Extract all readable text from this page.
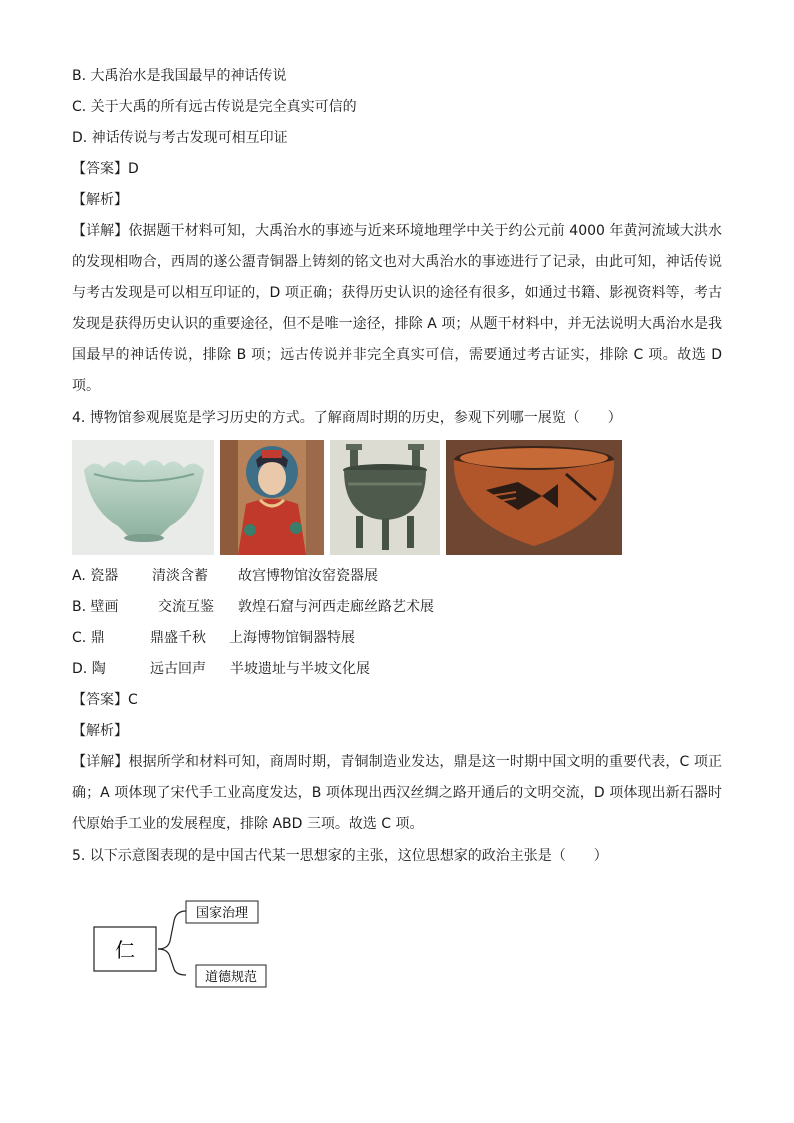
B. 大禹治水是我国最早的神话传说
C. 关于大禹的所有远古传说是完全真实可信的
D. 神话传说与考古发现可相互印证
【答案】D
【解析】
【详解】依据题干材料可知，大禹治水的事迹与近来环境地理学中关于约公元前 4000 年黄河流域大洪水的发现相吻合，西周的遂公盨青铜器上铸刻的铭文也对大禹治水的事迹进行了记录，由此可知，神话传说与考古发现是可以相互印证的，D 项正确；获得历史认识的途径有很多，如通过书籍、影视资料等，考古发现是获得历史认识的重要途径，但不是唯一途径，排除 A 项；从题干材料中，并无法说明大禹治水是我国最早的神话传说，排除 B 项；远古传说并非完全真实可信，需要通过考古证实，排除 C 项。故选 D 项。
4. 博物馆参观展览是学习历史的方式。了解商周时期的历史，参观下列哪一展览（　　）
A. 瓷器 清淡含蓄 故宫博物馆汝窑瓷器展
B. 壁画	交流互鉴 敦煌石窟与河西走廊丝路艺术展
C. 鼎	鼎盛千秋 上海博物馆铜器特展
D. 陶	远古回声 半坡遗址与半坡文化展
【答案】C
【解析】
【详解】根据所学和材料可知，商周时期，青铜制造业发达，鼎是这一时期中国文明的重要代表，C 项正确；A 项体现了宋代手工业高度发达，B 项体现出西汉丝绸之路开通后的文明交流，D 项体现出新石器时代原始手工业的发展程度，排除 ABD 三项。故选 C 项。
5. 以下示意图表现的是中国古代某一思想家的主张，这位思想家的政治主张是（　　）
仁
国家治理
道德规范
